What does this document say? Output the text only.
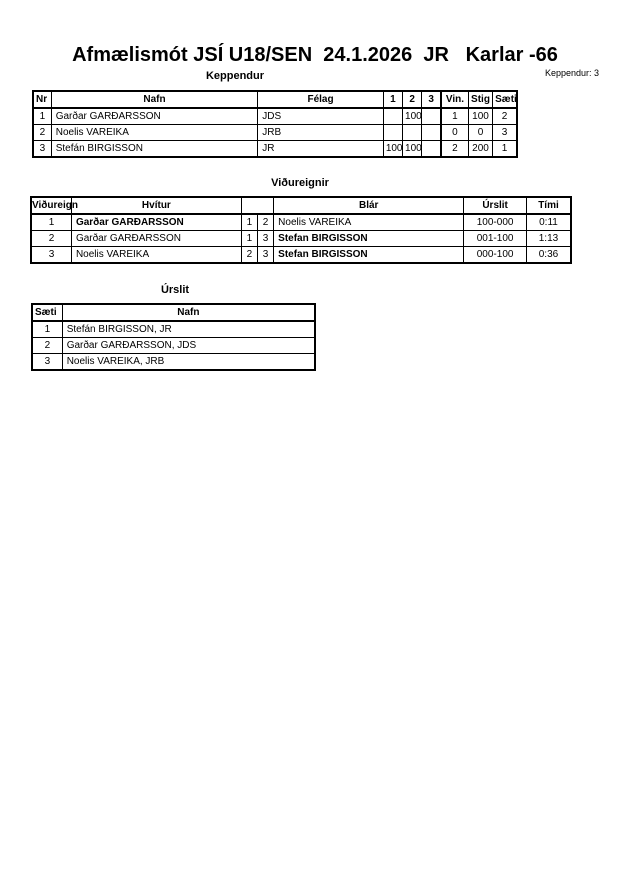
Afmælismót JSÍ U18/SEN  24.1.2026  JR   Karlar -66
Keppendur: 3
Keppendur
Nr	Nafn	Félag	1	2	3	Vin.	Stig	Sæti
1	Garðar GARÐARSSON	JDS		100		1	100	2
2	Noelis VAREIKA	JRB				0	0	3
3	Stefán BIRGISSON	JR	100	100		2	200	1
Viðureignir
Viðureign	Hvítur			Blár	Úrslit	Tími
1	Garðar GARÐARSSON	1	2	Noelis VAREIKA	100-000	0:11
2	Garðar GARÐARSSON	1	3	Stefan BIRGISSON	001-100	1:13
3	Noelis VAREIKA	2	3	Stefan BIRGISSON	000-100	0:36
Úrslit
Sæti	Nafn
1	Stefán BIRGISSON, JR
2	Garðar GARÐARSSON, JDS
3	Noelis VAREIKA, JRB
